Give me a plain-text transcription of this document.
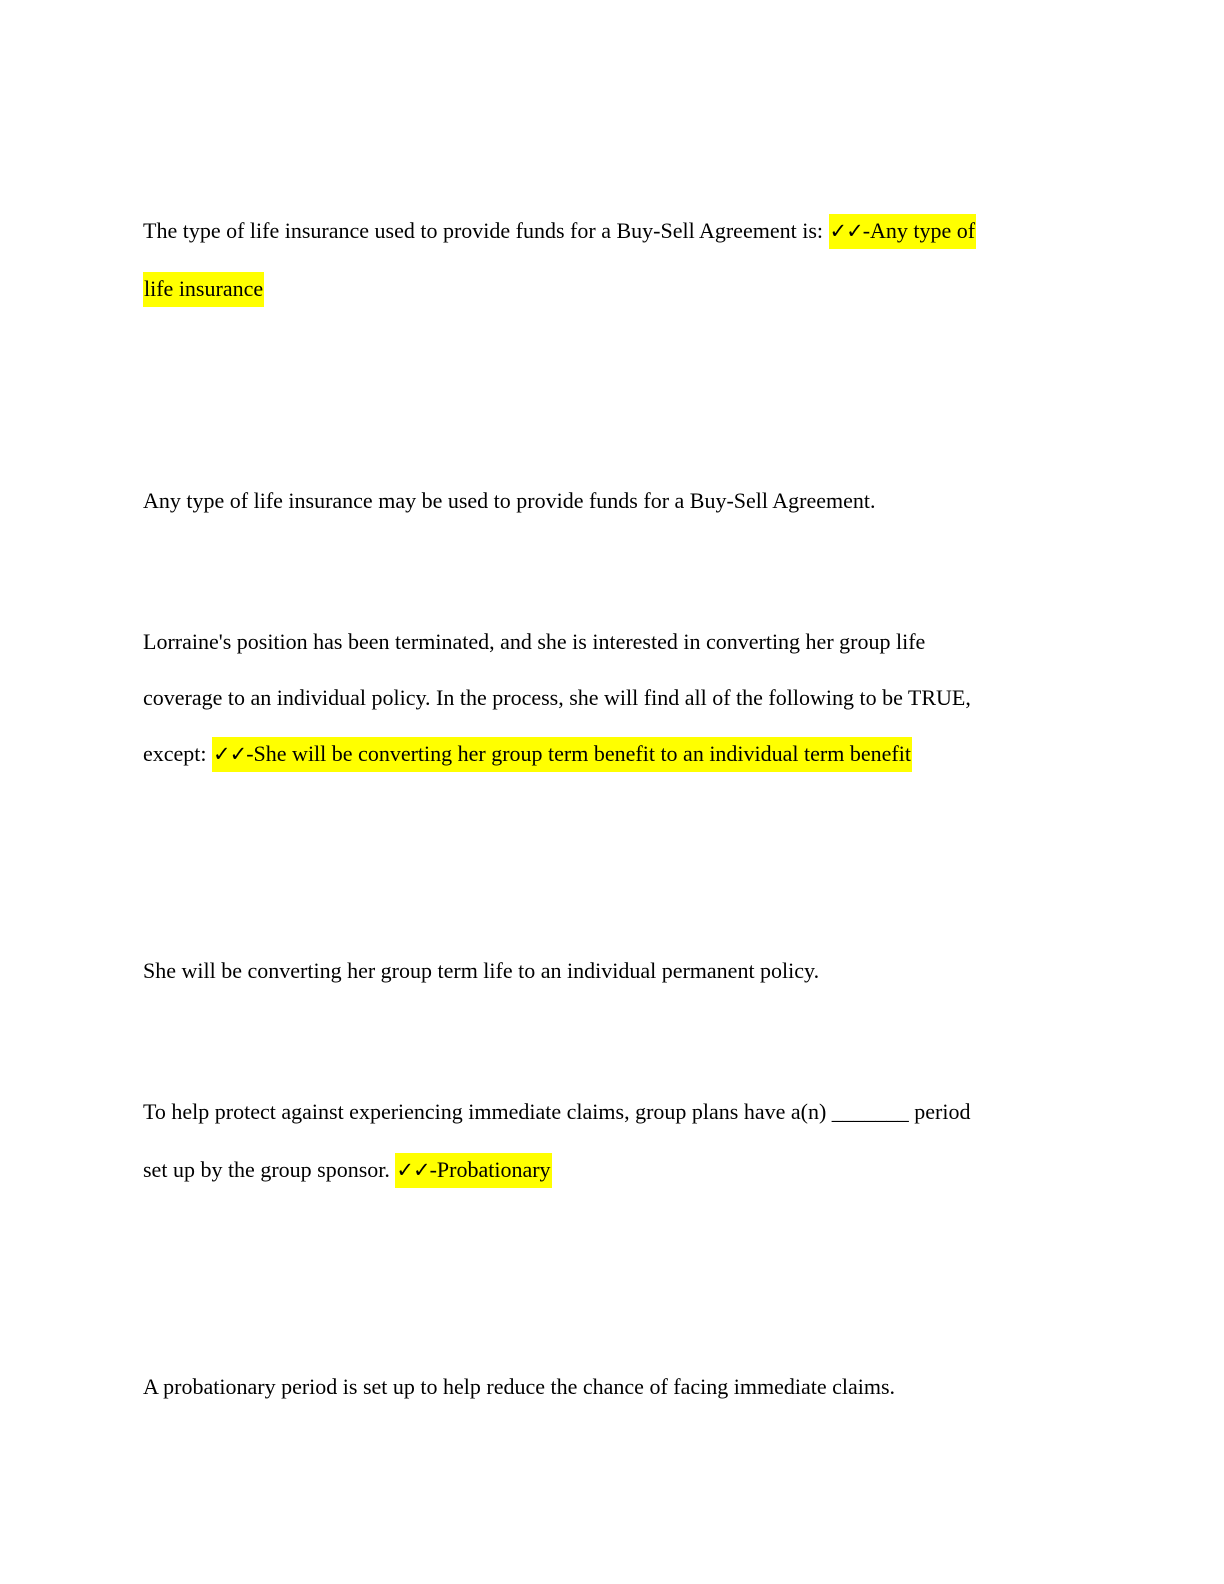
The type of life insurance used to provide funds for a Buy-Sell Agreement is: ✓✓-Any type of
life insurance
Any type of life insurance may be used to provide funds for a Buy-Sell Agreement.
Lorraine's position has been terminated, and she is interested in converting her group life
coverage to an individual policy. In the process, she will find all of the following to be TRUE,
except: ✓✓-She will be converting her group term benefit to an individual term benefit
She will be converting her group term life to an individual permanent policy.
To help protect against experiencing immediate claims, group plans have a(n) _______ period
set up by the group sponsor. ✓✓-Probationary
A probationary period is set up to help reduce the chance of facing immediate claims.
